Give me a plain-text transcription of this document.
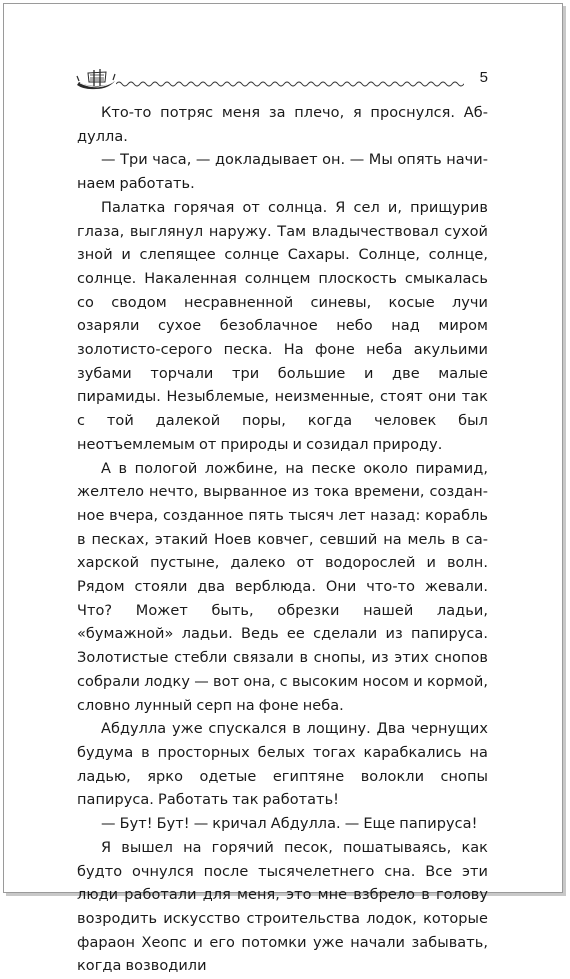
5

Кто-то потряс меня за плечо, я проснулся. Абдулла.

— Три часа, — докладывает он. — Мы опять начинаем работать.

Палатка горячая от солнца. Я сел и, прищурив глаза, выглянул наружу. Там владычествовал сухой зной и слепящее солнце Сахары. Солнце, солнце, солнце. Накаленная солнцем плоскость смыкалась со сводом несравненной синевы, косые лучи озаряли сухое безоблачное небо над миром золотисто-серого песка. На фоне неба акульими зубами торчали три большие и две малые пирамиды. Незыблемые, неизменные, стоят они так с той далекой поры, когда человек был неотъемлемым от природы и созидал природу.

А в пологой ложбине, на песке около пирамид, желтело нечто, вырванное из тока времени, созданное вчера, созданное пять тысяч лет назад: корабль в песках, этакий Ноев ковчег, севший на мель в сахарской пустыне, далеко от водорослей и волн. Рядом стояли два верблюда. Они что-то жевали. Что? Может быть, обрезки нашей ладьи, «бумажной» ладьи. Ведь ее сделали из папируса. Золотистые стебли связали в снопы, из этих снопов собрали лодку — вот она, с высоким носом и кормой, словно лунный серп на фоне неба.

Абдулла уже спускался в лощину. Два чернущих будума в просторных белых тогах карабкались на ладью, ярко одетые египтяне волокли снопы папируса. Работать так работать!

— Бут! Бут! — кричал Абдулла. — Еще папируса!

Я вышел на горячий песок, пошатываясь, как будто очнулся после тысячелетнего сна. Все эти люди работали для меня, это мне взбрело в голову возродить искусство строительства лодок, которые фараон Хеопс и его потомки уже начали забывать, когда возводили
